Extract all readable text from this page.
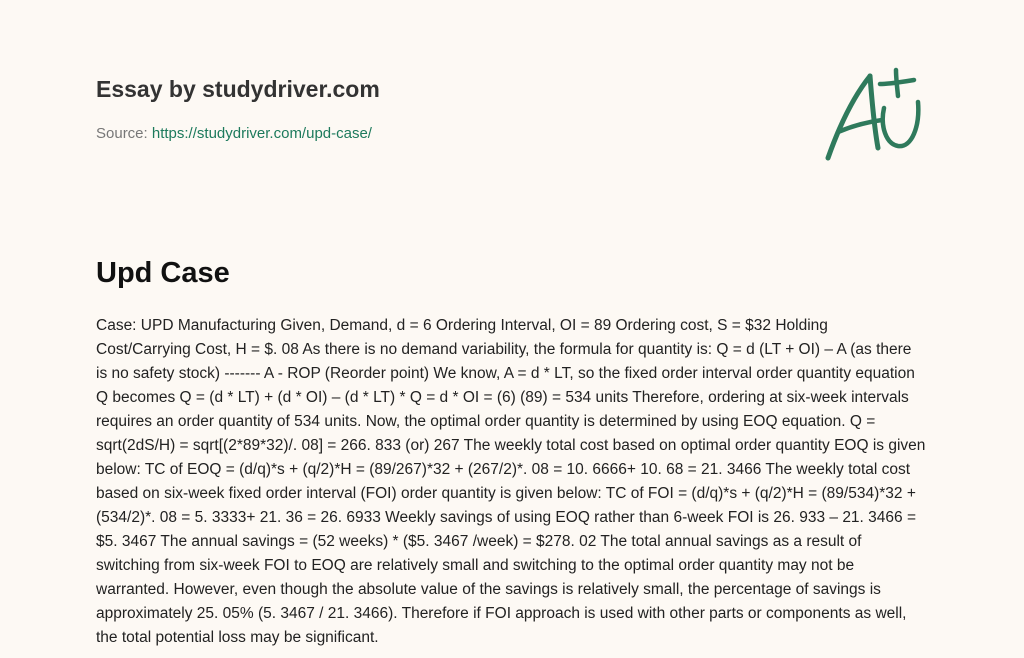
Essay by studydriver.com
Source: https://studydriver.com/upd-case/
Upd Case

Case: UPD Manufacturing Given, Demand, d = 6 Ordering Interval, OI = 89 Ordering cost, S = $32 Holding Cost/Carrying Cost, H = $. 08 As there is no demand variability, the formula for quantity is: Q = d (LT + OI) – A (as there is no safety stock) ------- A - ROP (Reorder point) We know, A = d * LT, so the fixed order interval order quantity equation Q becomes Q = (d * LT) + (d * OI) – (d * LT) * Q = d * OI = (6) (89) = 534 units Therefore, ordering at six-week intervals requires an order quantity of 534 units. Now, the optimal order quantity is determined by using EOQ equation. Q = sqrt(2dS/H) = sqrt[(2*89*32)/. 08] = 266. 833 (or) 267 The weekly total cost based on optimal order quantity EOQ is given below: TC of EOQ = (d/q)*s + (q/2)*H = (89/267)*32 + (267/2)*. 08 = 10. 6666+ 10. 68 = 21. 3466 The weekly total cost based on six-week fixed order interval (FOI) order quantity is given below: TC of FOI = (d/q)*s + (q/2)*H = (89/534)*32 + (534/2)*. 08 = 5. 3333+ 21. 36 = 26. 6933 Weekly savings of using EOQ rather than 6-week FOI is 26. 933 – 21. 3466 = $5. 3467 The annual savings = (52 weeks) * ($5. 3467 /week) = $278. 02 The total annual savings as a result of switching from six-week FOI to EOQ are relatively small and switching to the optimal order quantity may not be warranted. However, even though the absolute value of the savings is relatively small, the percentage of savings is approximately 25. 05% (5. 3467 / 21. 3466). Therefore if FOI approach is used with other parts or components as well, the total potential loss may be significant.
